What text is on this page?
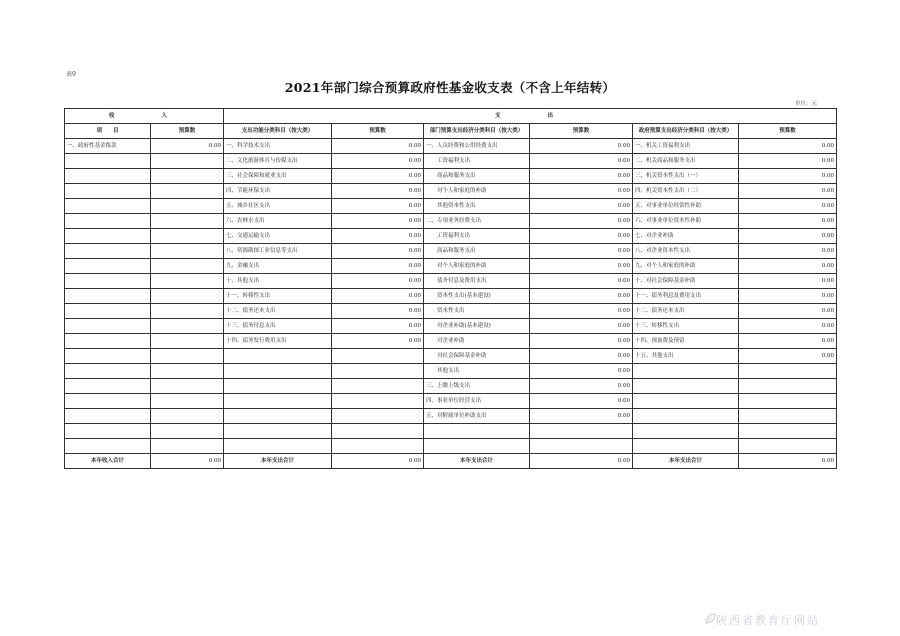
表9
2021年部门综合预算政府性基金收支表（不含上年结转）
单位：元
收　　入		支　　出					
项　　目	预算数	支出功能分类科目（按大类）	预算数	部门预算支出经济分类科目（按大类）	预算数	政府预算支出经济分类科目（按大类）	预算数
一、政府性基金拨款	0.00	一、科学技术支出	0.00	一、人员经费和公用经费支出	0.00	一、机关工资福利支出	0.00
		二、文化旅游体育与传媒支出	0.00	　　工资福利支出	0.00	二、机关商品和服务支出	0.00
		三、社会保障和就业支出	0.00	　　商品和服务支出	0.00	三、机关资本性支出（一）	0.00
		四、节能环保支出	0.00	　　对个人和家庭的补助	0.00	四、机关资本性支出（二）	0.00
		五、城乡社区支出	0.00	　　其他资本性支出	0.00	五、对事业单位经常性补助	0.00
		六、农林水支出	0.00	二、专项业务经费支出	0.00	六、对事业单位资本性补助	0.00
		七、交通运输支出	0.00	　　工资福利支出	0.00	七、对企业补助	0.00
		八、资源勘探工业信息等支出	0.00	　　商品和服务支出	0.00	八、对企业资本性支出	0.00
		九、金融支出	0.00	　　对个人和家庭的补助	0.00	九、对个人和家庭的补助	0.00
		十、其他支出	0.00	　　债务付息及费用支出	0.00	十、对社会保障基金补助	0.00
		十一、转移性支出	0.00	　　资本性支出(基本建设)	0.00	十一、债务利息及费用支出	0.00
		十二、债务还本支出	0.00	　　资本性支出	0.00	十二、债务还本支出	0.00
		十三、债务付息支出	0.00	　　对企业补助(基本建设)	0.00	十三、转移性支出	0.00
		十四、债务发行费用支出	0.00	　　对企业补助	0.00	十四、预备费及预留	0.00
				　　对社会保障基金补助	0.00	十五、其他支出	0.00
				　　其他支出	0.00		
				三、上缴上级支出	0.00		
				四、事业单位经营支出	0.00		
				五、对附属单位补助支出	0.00		

本年收入合计	0.00	本年支出合计	0.00	本年支出合计	0.00	本年支出合计	0.00
陕西省教育厅网站
